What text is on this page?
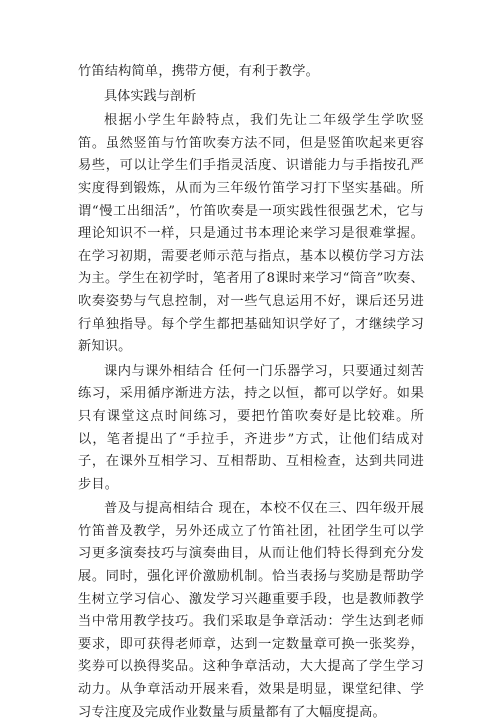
竹笛结构简单，携带方便，有利于教学。

具体实践与剖析

根据小学生年龄特点，我们先让二年级学生学吹竖笛。虽然竖笛与竹笛吹奏方法不同，但是竖笛吹起来更容易些，可以让学生们手指灵活度、识谱能力与手指按孔严实度得到锻炼，从而为三年级竹笛学习打下坚实基础。所谓“慢工出细活”，竹笛吹奏是一项实践性很强艺术，它与理论知识不一样，只是通过书本理论来学习是很难掌握。在学习初期，需要老师示范与指点，基本以模仿学习方法为主。学生在初学时，笔者用了8课时来学习“筒音”吹奏、吹奏姿势与气息控制，对一些气息运用不好，课后还另进行单独指导。每个学生都把基础知识学好了，才继续学习新知识。

课内与课外相结合 任何一门乐器学习，只要通过刻苦练习，采用循序渐进方法，持之以恒，都可以学好。如果只有课堂这点时间练习，要把竹笛吹奏好是比较难。所以，笔者提出了“手拉手，齐进步”方式，让他们结成对子，在课外互相学习、互相帮助、互相检查，达到共同进步目。

普及与提高相结合 现在，本校不仅在三、四年级开展竹笛普及教学，另外还成立了竹笛社团，社团学生可以学习更多演奏技巧与演奏曲目，从而让他们特长得到充分发展。同时，强化评价激励机制。恰当表扬与奖励是帮助学生树立学习信心、激发学习兴趣重要手段，也是教师教学当中常用教学技巧。我们采取是争章活动：学生达到老师要求，即可获得老师章，达到一定数量章可换一张奖券，奖券可以换得奖品。这种争章活动，大大提高了学生学习动力。从争章活动开展来看，效果是明显，课堂纪律、学习专注度及完成作业数量与质量都有了大幅度提高。
